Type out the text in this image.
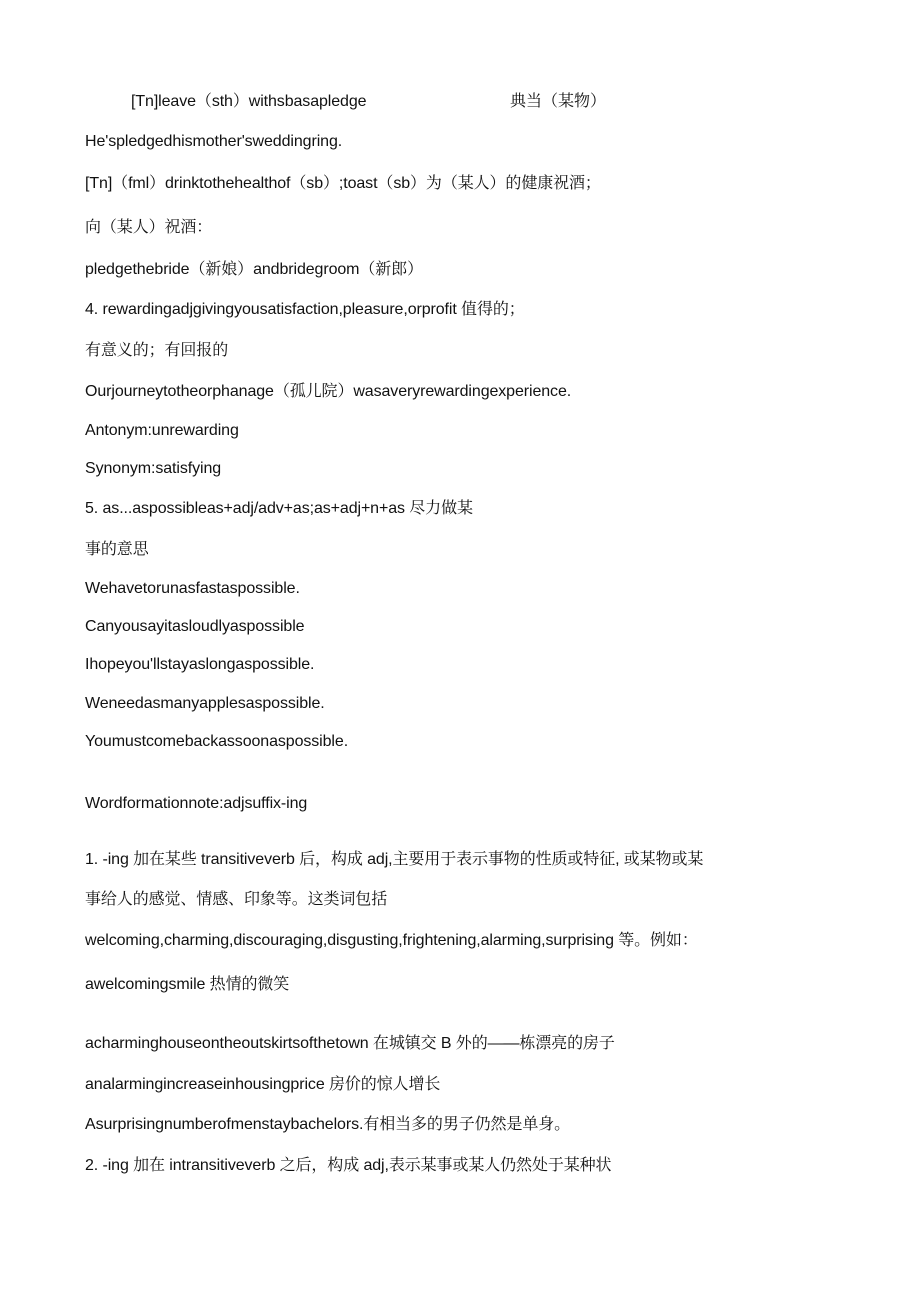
[Tn]leave（sth）withsbasapledge	典当（某物）
He'spledgedhismother'sweddingring.
[Tn]（fml）drinktothehealthof（sb）;toast（sb）为（某人）的健康祝酒；
向（某人）祝酒：
pledgethebride（新娘）andbridegroom（新郎）
4. rewardingadjgivingyousatisfaction,pleasure,orprofit 值得的；
有意义的；有回报的
Ourjourneytotheorphanage（孤儿院）wasaveryrewardingexperience.
Antonym:unrewarding
Synonym:satisfying
5. as...aspossibleas+adj/adv+as;as+adj+n+as 尽力做某
事的意思
Wehavetorunasfastaspossible.
Canyousayitasloudlyaspossible
Ihopeyou'llstayaslongaspossible.
Weneedasmanyapplesaspossible.
Youmustcomebackassoonaspossible.
Wordformationnote:adjsuffix-ing
1. -ing 加在某些 transitiveverb 后，构成 adj,主要用于表示事物的性质或特征, 或某物或某
事给人的感觉、情感、印象等。这类词包括
welcoming,charming,discouraging,disgusting,frightening,alarming,surprising 等。例如：
awelcomingsmile 热情的微笑
acharminghouseontheoutskirtsofthetown 在城镇交 B 外的——栋漂亮的房子
analarmingincreaseinhousingprice 房价的惊人增长
Asurprisingnumberofmenstaybachelors.有相当多的男子仍然是单身。
2. -ing 加在 intransitiveverb 之后，构成 adj,表示某事或某人仍然处于某种状
